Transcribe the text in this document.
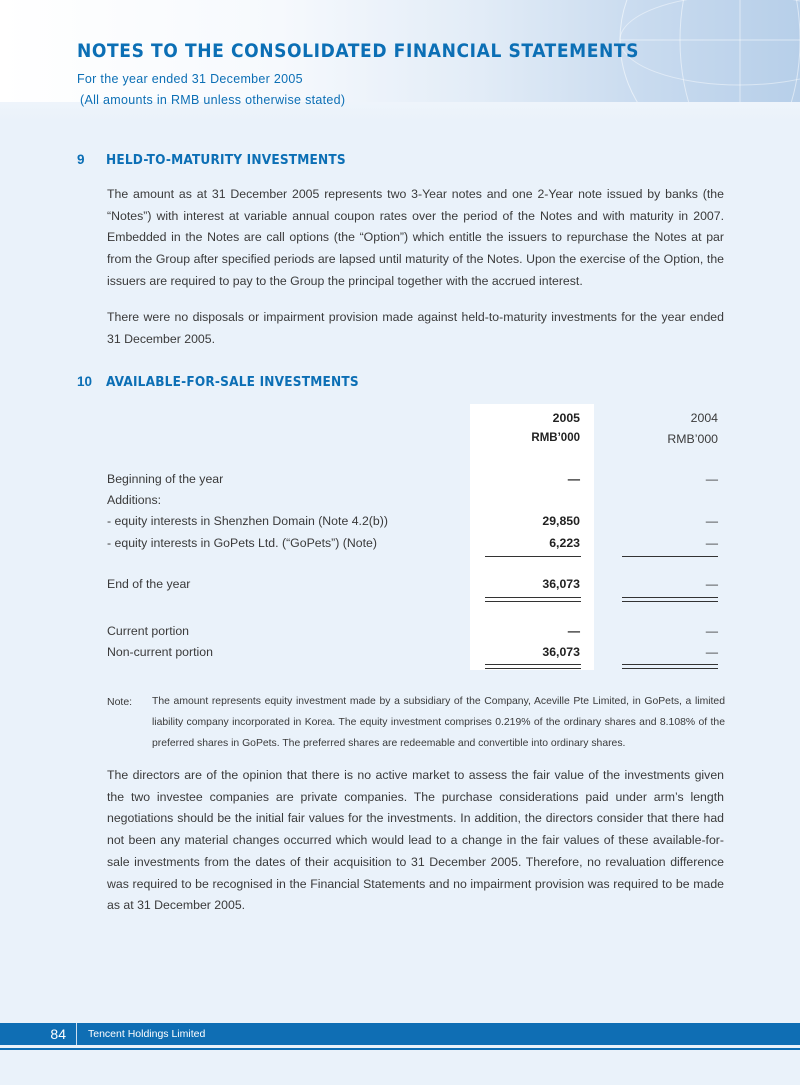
NOTES TO THE CONSOLIDATED FINANCIAL STATEMENTS
For the year ended 31 December 2005
(All amounts in RMB unless otherwise stated)
9 HELD-TO-MATURITY INVESTMENTS

The amount as at 31 December 2005 represents two 3-Year notes and one 2-Year note issued by banks (the “Notes”) with interest at variable annual coupon rates over the period of the Notes and with maturity in 2007. Embedded in the Notes are call options (the “Option”) which entitle the issuers to repurchase the Notes at par from the Group after specified periods are lapsed until maturity of the Notes. Upon the exercise of the Option, the issuers are required to pay to the Group the principal together with the accrued interest.

There were no disposals or impairment provision made against held-to-maturity investments for the year ended 31 December 2005.

10 AVAILABLE-FOR-SALE INVESTMENTS
2005	2004
RMB’000	RMB’000
Beginning of the year	—	—
Additions:
- equity interests in Shenzhen Domain (Note 4.2(b))	29,850	—
- equity interests in GoPets Ltd. (“GoPets”) (Note)	6,223	—
End of the year	36,073	—
Current portion	—	—
Non-current portion	36,073	—
Note: The amount represents equity investment made by a subsidiary of the Company, Aceville Pte Limited, in GoPets, a limited liability company incorporated in Korea. The equity investment comprises 0.219% of the ordinary shares and 8.108% of the preferred shares in GoPets. The preferred shares are redeemable and convertible into ordinary shares.

The directors are of the opinion that there is no active market to assess the fair value of the investments given the two investee companies are private companies. The purchase considerations paid under arm’s length negotiations should be the initial fair values for the investments. In addition, the directors consider that there had not been any material changes occurred which would lead to a change in the fair values of these available-for-sale investments from the dates of their acquisition to 31 December 2005. Therefore, no revaluation difference was required to be recognised in the Financial Statements and no impairment provision was required to be made as at 31 December 2005.

84	Tencent Holdings Limited
